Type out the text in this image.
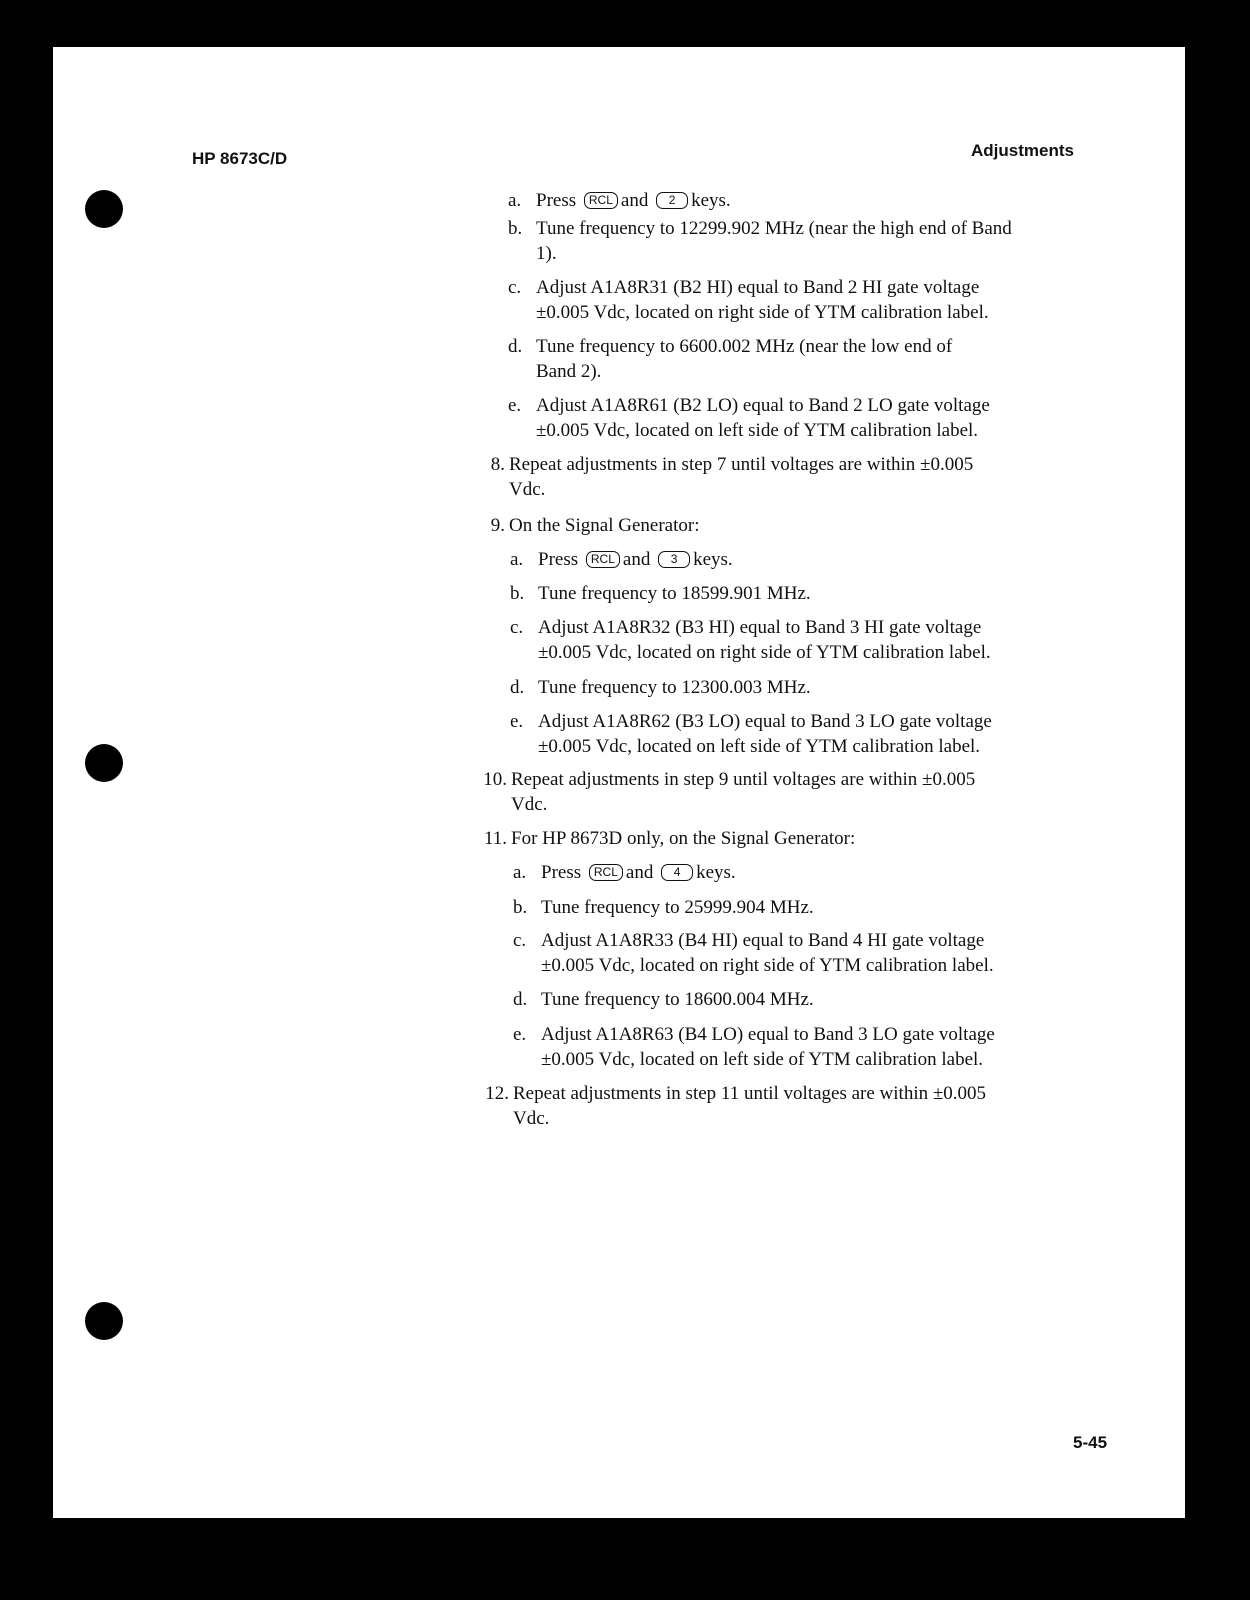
HP 8673C/D	Adjustments
a. Press RCL and 2 keys.
b. Tune frequency to 12299.902 MHz (near the high end of Band
1).
c. Adjust A1A8R31 (B2 HI) equal to Band 2 HI gate voltage
±0.005 Vdc, located on right side of YTM calibration label.
d. Tune frequency to 6600.002 MHz (near the low end of
Band 2).
e. Adjust A1A8R61 (B2 LO) equal to Band 2 LO gate voltage
±0.005 Vdc, located on left side of YTM calibration label.
8. Repeat adjustments in step 7 until voltages are within ±0.005
Vdc.
9. On the Signal Generator:
a. Press RCL and 3 keys.
b. Tune frequency to 18599.901 MHz.
c. Adjust A1A8R32 (B3 HI) equal to Band 3 HI gate voltage
±0.005 Vdc, located on right side of YTM calibration label.
d. Tune frequency to 12300.003 MHz.
e. Adjust A1A8R62 (B3 LO) equal to Band 3 LO gate voltage
±0.005 Vdc, located on left side of YTM calibration label.
10. Repeat adjustments in step 9 until voltages are within ±0.005
Vdc.
11. For HP 8673D only, on the Signal Generator:
a. Press RCL and 4 keys.
b. Tune frequency to 25999.904 MHz.
c. Adjust A1A8R33 (B4 HI) equal to Band 4 HI gate voltage
±0.005 Vdc, located on right side of YTM calibration label.
d. Tune frequency to 18600.004 MHz.
e. Adjust A1A8R63 (B4 LO) equal to Band 3 LO gate voltage
±0.005 Vdc, located on left side of YTM calibration label.
12. Repeat adjustments in step 11 until voltages are within ±0.005
Vdc.
5-45
